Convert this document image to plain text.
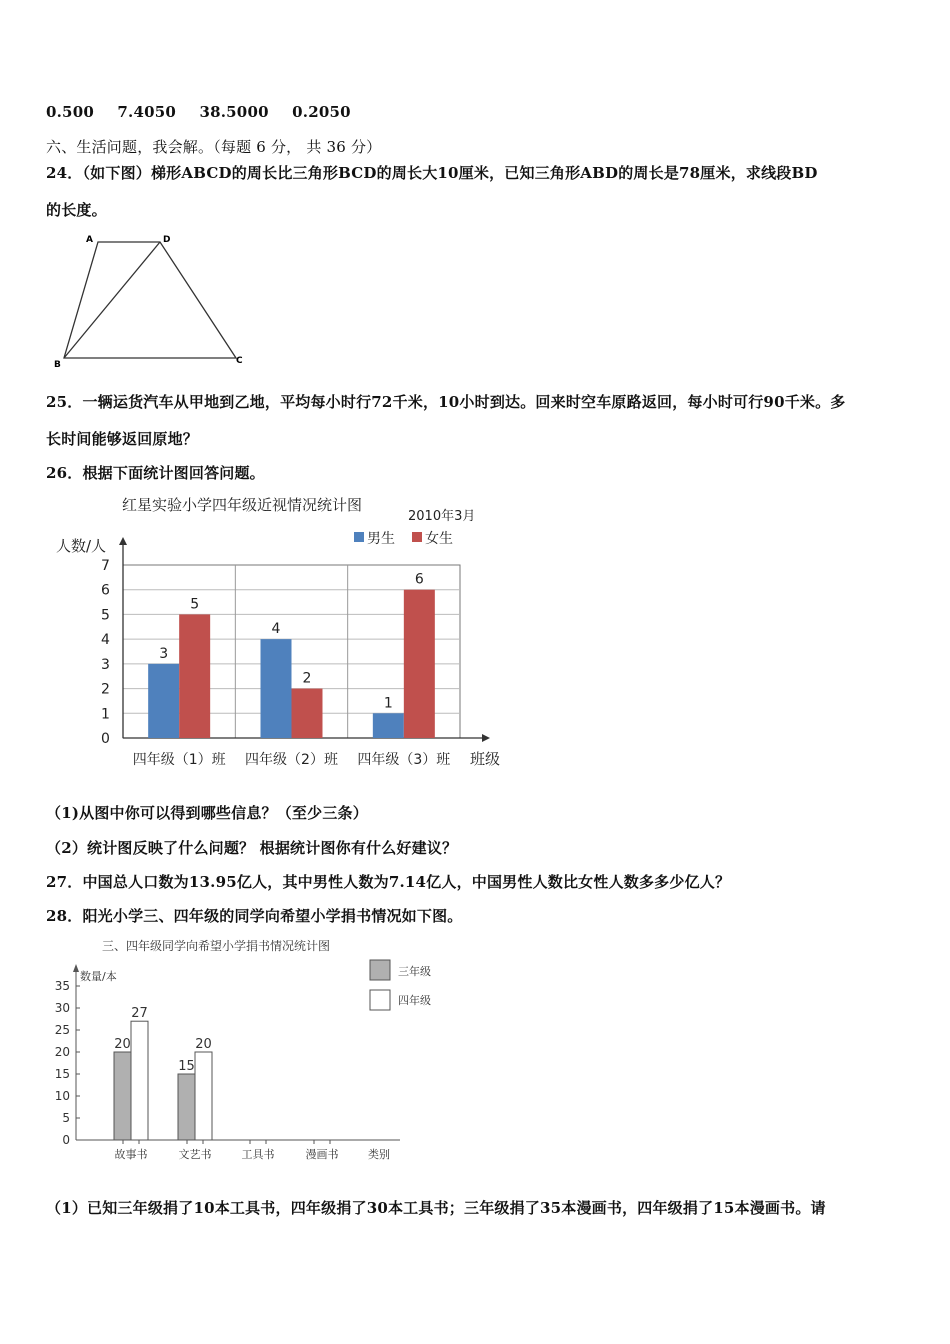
0.500 7.4050 38.5000 0.2050
六、生活问题，我会解。（每题 6 分， 共 36 分）
24．（如下图）梯形ABCD的周长比三角形BCD的周长大10厘米，已知三角形ABD的周长是78厘米，求线段BD
的长度。
A	D
B	C
25．一辆运货汽车从甲地到乙地，平均每小时行72千米，10小时到达。回来时空车原路返回，每小时可行90千米。多
长时间能够返回原地？
26．根据下面统计图回答问题。
红星实验小学四年级近视情况统计图
2010年3月
人数/人
班级
男生 女生
0
1
2
3
4
5
6
7
3
5
四年级（1）班
4
2
四年级（2）班
1
6
四年级（3）班
（1)从图中你可以得到哪些信息？（至少三条）
（2）统计图反映了什么问题？ 根据统计图你有什么好建议？
27．中国总人口数为13.95亿人，其中男性人数为7.14亿人，中国男性人数比女性人数多多少亿人？
28．阳光小学三、四年级的同学向希望小学捐书情况如下图。
三、四年级同学向希望小学捐书情况统计图
数量/本
类别
三年级
四年级
0
5
10
15
20
25
30
35
20
27
故事书
15
20
文艺书	工具书	漫画书
（1）已知三年级捐了10本工具书，四年级捐了30本工具书；三年级捐了35本漫画书，四年级捐了15本漫画书。请
